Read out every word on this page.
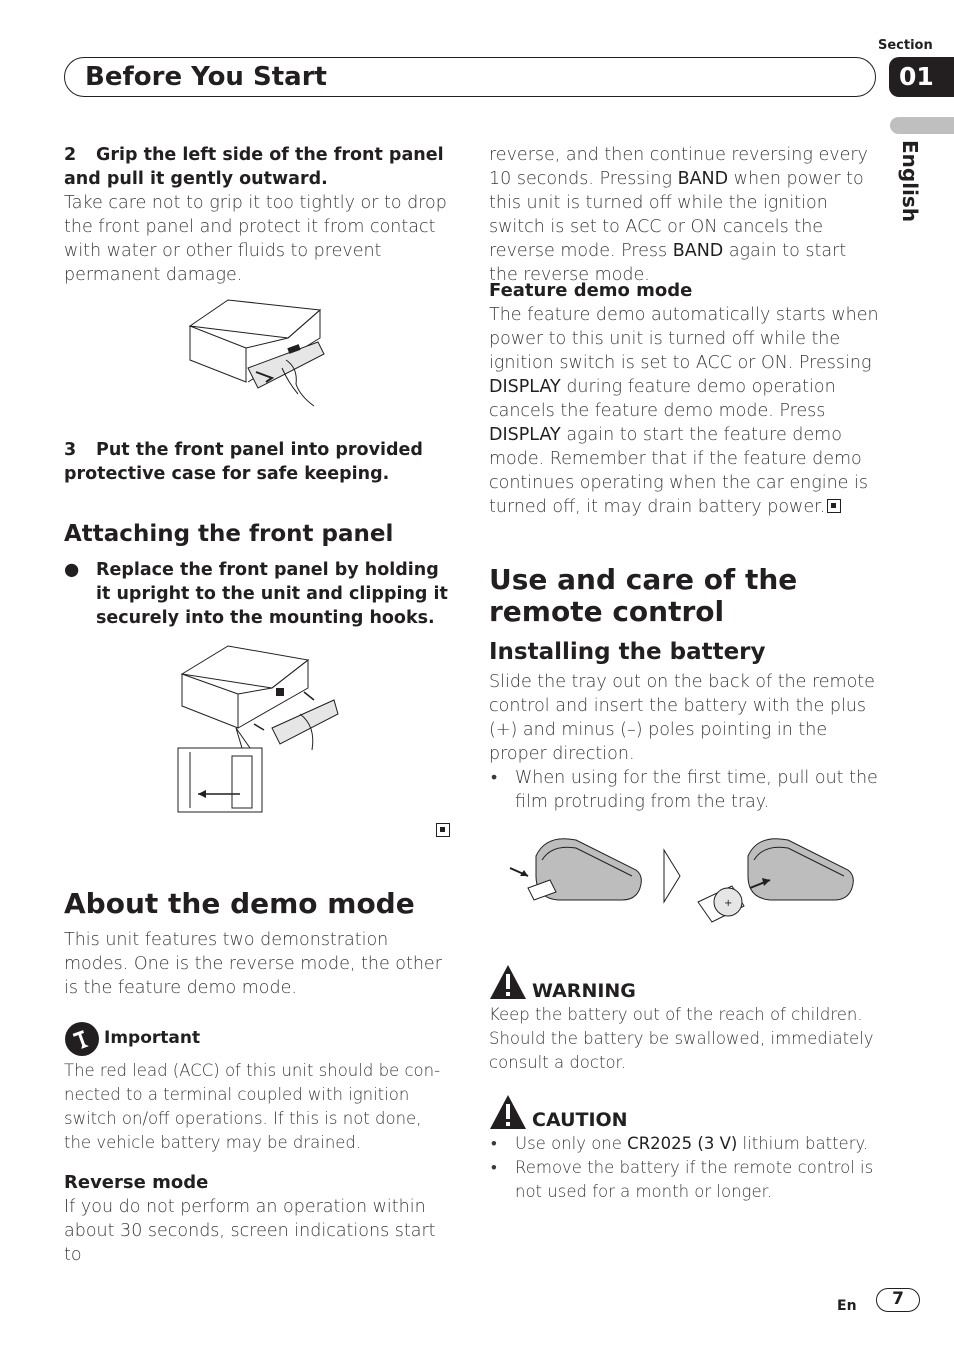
Section
Before You Start	01
English

2 Grip the left side of the front panel and pull it gently outward.

Take care not to grip it too tightly or to drop the front panel and protect it from contact with water or other fluids to prevent permanent damage.

3 Put the front panel into provided protective case for safe keeping.

Attaching the front panel

● Replace the front panel by holding it upright to the unit and clipping it securely into the mounting hooks.

About the demo mode

This unit features two demonstration modes. One is the reverse mode, the other is the feature demo mode.

Important

The red lead (ACC) of this unit should be connected to a terminal coupled with ignition switch on/off operations. If this is not done, the vehicle battery may be drained.

Reverse mode

If you do not perform an operation within about 30 seconds, screen indications start to

reverse, and then continue reversing every 10 seconds. Pressing BAND when power to this unit is turned off while the ignition switch is set to ACC or ON cancels the reverse mode. Press BAND again to start the reverse mode.

Feature demo mode

The feature demo automatically starts when power to this unit is turned off while the ignition switch is set to ACC or ON. Pressing DISPLAY during feature demo operation cancels the feature demo mode. Press DISPLAY again to start the feature demo mode. Remember that if the feature demo continues operating when the car engine is turned off, it may drain battery power.

Use and care of the remote control
Installing the battery

Slide the tray out on the back of the remote control and insert the battery with the plus (+) and minus (–) poles pointing in the proper direction.

• When using for the first time, pull out the film protruding from the tray.
+
WARNING

Keep the battery out of the reach of children. Should the battery be swallowed, immediately consult a doctor.

CAUTION
• Use only one CR2025 (3 V) lithium battery.
• Remove the battery if the remote control is not used for a month or longer.
En	7
